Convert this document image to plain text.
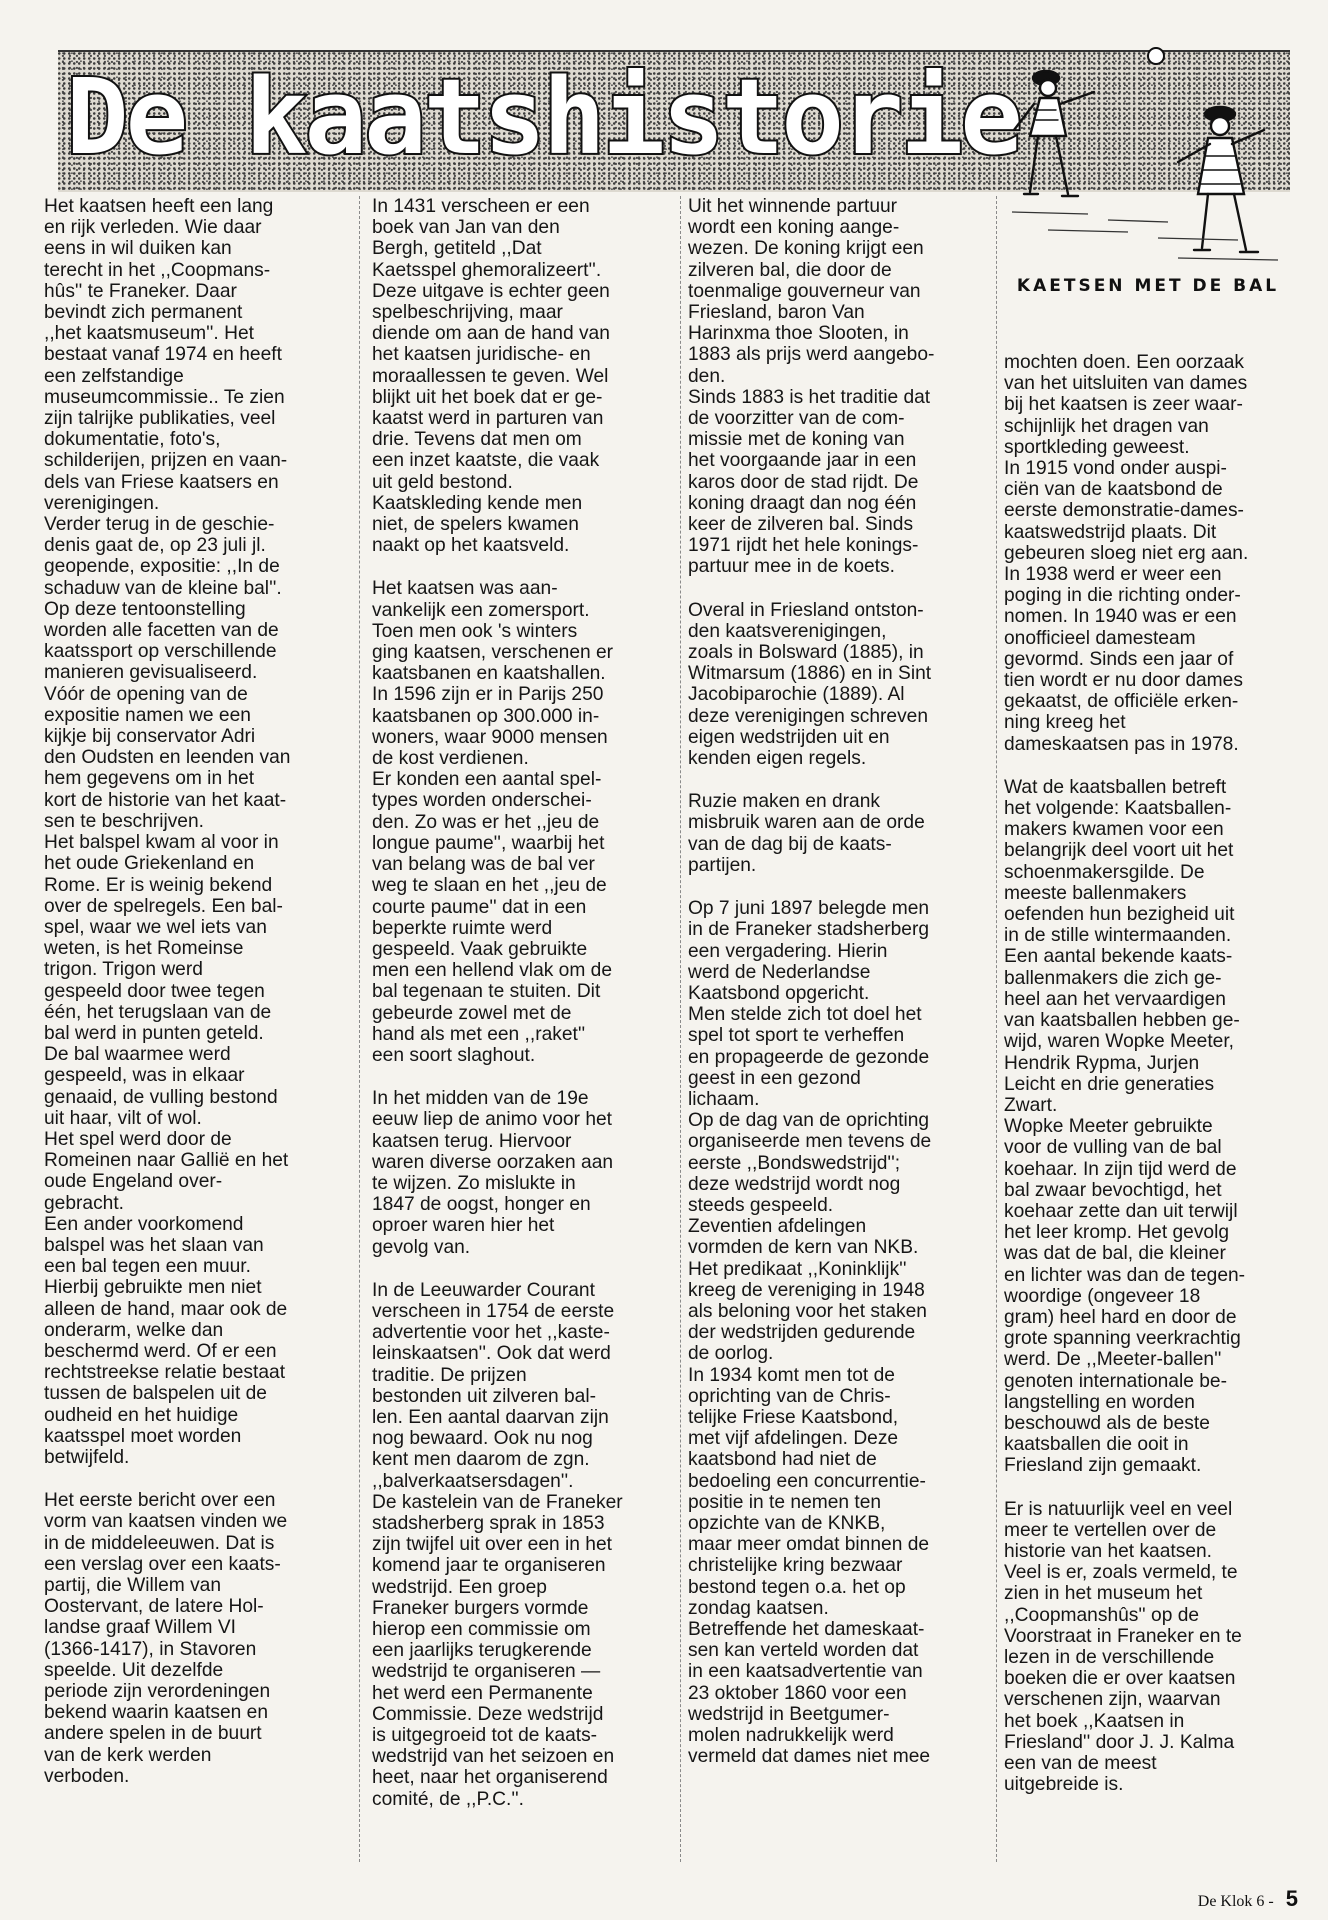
De kaatshistorie
KAETSEN MET DE BAL

Het kaatsen heeft een lang
en rijk verleden. Wie daar
eens in wil duiken kan
terecht in het ,,Coopmans-
hûs'' te Franeker. Daar
bevindt zich permanent
,,het kaatsmuseum''. Het
bestaat vanaf 1974 en heeft
een zelfstandige
museumcommissie.. Te zien
zijn talrijke publikaties, veel
dokumentatie, foto's,
schilderijen, prijzen en vaan-
dels van Friese kaatsers en
verenigingen.

Verder terug in de geschie-
denis gaat de, op 23 juli jl.
geopende, expositie: ,,In de
schaduw van de kleine bal''.
Op deze tentoonstelling
worden alle facetten van de
kaatssport op verschillende
manieren gevisualiseerd.
Vóór de opening van de
expositie namen we een
kijkje bij conservator Adri
den Oudsten en leenden van
hem gegevens om in het
kort de historie van het kaat-
sen te beschrijven.

Het balspel kwam al voor in
het oude Griekenland en
Rome. Er is weinig bekend
over de spelregels. Een bal-
spel, waar we wel iets van
weten, is het Romeinse
trigon. Trigon werd
gespeeld door twee tegen
één, het terugslaan van de
bal werd in punten geteld.
De bal waarmee werd
gespeeld, was in elkaar
genaaid, de vulling bestond
uit haar, vilt of wol.

Het spel werd door de
Romeinen naar Gallië en het
oude Engeland over-
gebracht.

Een ander voorkomend
balspel was het slaan van
een bal tegen een muur.
Hierbij gebruikte men niet
alleen de hand, maar ook de
onderarm, welke dan
beschermd werd. Of er een
rechtstreekse relatie bestaat
tussen de balspelen uit de
oudheid en het huidige
kaatsspel moet worden
betwijfeld.

Het eerste bericht over een
vorm van kaatsen vinden we
in de middeleeuwen. Dat is
een verslag over een kaats-
partij, die Willem van
Oostervant, de latere Hol-
landse graaf Willem VI
(1366-1417), in Stavoren
speelde. Uit dezelfde
periode zijn verordeningen
bekend waarin kaatsen en
andere spelen in de buurt
van de kerk werden
verboden.

In 1431 verscheen er een
boek van Jan van den
Bergh, getiteld ,,Dat
Kaetsspel ghemoralizeert''.
Deze uitgave is echter geen
spelbeschrijving, maar
diende om aan de hand van
het kaatsen juridische- en
moraallessen te geven. Wel
blijkt uit het boek dat er ge-
kaatst werd in parturen van
drie. Tevens dat men om
een inzet kaatste, die vaak
uit geld bestond.

Kaatskleding kende men
niet, de spelers kwamen
naakt op het kaatsveld.

Het kaatsen was aan-
vankelijk een zomersport.
Toen men ook 's winters
ging kaatsen, verschenen er
kaatsbanen en kaatshallen.
In 1596 zijn er in Parijs 250
kaatsbanen op 300.000 in-
woners, waar 9000 mensen
de kost verdienen.

Er konden een aantal spel-
types worden onderschei-
den. Zo was er het ,,jeu de
longue paume'', waarbij het
van belang was de bal ver
weg te slaan en het ,,jeu de
courte paume'' dat in een
beperkte ruimte werd
gespeeld. Vaak gebruikte
men een hellend vlak om de
bal tegenaan te stuiten. Dit
gebeurde zowel met de
hand als met een ,,raket''
een soort slaghout.

In het midden van de 19e
eeuw liep de animo voor het
kaatsen terug. Hiervoor
waren diverse oorzaken aan
te wijzen. Zo mislukte in
1847 de oogst, honger en
oproer waren hier het
gevolg van.

In de Leeuwarder Courant
verscheen in 1754 de eerste
advertentie voor het ,,kaste-
leinskaatsen''. Ook dat werd
traditie. De prijzen
bestonden uit zilveren bal-
len. Een aantal daarvan zijn
nog bewaard. Ook nu nog
kent men daarom de zgn.
,,balverkaatsersdagen''.

De kastelein van de Franeker
stadsherberg sprak in 1853
zijn twijfel uit over een in het
komend jaar te organiseren
wedstrijd. Een groep
Franeker burgers vormde
hierop een commissie om
een jaarlijks terugkerende
wedstrijd te organiseren —
het werd een Permanente
Commissie. Deze wedstrijd
is uitgegroeid tot de kaats-
wedstrijd van het seizoen en
heet, naar het organiserend
comité, de ,,P.C.''.

Uit het winnende partuur
wordt een koning aange-
wezen. De koning krijgt een
zilveren bal, die door de
toenmalige gouverneur van
Friesland, baron Van
Harinxma thoe Slooten, in
1883 als prijs werd aangebo-
den.

Sinds 1883 is het traditie dat
de voorzitter van de com-
missie met de koning van
het voorgaande jaar in een
karos door de stad rijdt. De
koning draagt dan nog één
keer de zilveren bal. Sinds
1971 rijdt het hele konings-
partuur mee in de koets.

Overal in Friesland ontston-
den kaatsverenigingen,
zoals in Bolsward (1885), in
Witmarsum (1886) en in Sint
Jacobiparochie (1889). Al
deze verenigingen schreven
eigen wedstrijden uit en
kenden eigen regels.

Ruzie maken en drank
misbruik waren aan de orde
van de dag bij de kaats-
partijen.

Op 7 juni 1897 belegde men
in de Franeker stadsherberg
een vergadering. Hierin
werd de Nederlandse
Kaatsbond opgericht.
Men stelde zich tot doel het
spel tot sport te verheffen
en propageerde de gezonde
geest in een gezond
lichaam.

Op de dag van de oprichting
organiseerde men tevens de
eerste ,,Bondswedstrijd'';
deze wedstrijd wordt nog
steeds gespeeld.

Zeventien afdelingen
vormden de kern van NKB.
Het predikaat ,,Koninklijk''
kreeg de vereniging in 1948
als beloning voor het staken
der wedstrijden gedurende
de oorlog.

In 1934 komt men tot de
oprichting van de Chris-
telijke Friese Kaatsbond,
met vijf afdelingen. Deze
kaatsbond had niet de
bedoeling een concurrentie-
positie in te nemen ten
opzichte van de KNKB,
maar meer omdat binnen de
christelijke kring bezwaar
bestond tegen o.a. het op
zondag kaatsen.

Betreffende het dameskaat-
sen kan verteld worden dat
in een kaatsadvertentie van
23 oktober 1860 voor een
wedstrijd in Beetgumer-
molen nadrukkelijk werd
vermeld dat dames niet mee

mochten doen. Een oorzaak
van het uitsluiten van dames
bij het kaatsen is zeer waar-
schijnlijk het dragen van
sportkleding geweest.

In 1915 vond onder auspi-
ciën van de kaatsbond de
eerste demonstratie-dames-
kaatswedstrijd plaats. Dit
gebeuren sloeg niet erg aan.
In 1938 werd er weer een
poging in die richting onder-
nomen. In 1940 was er een
onofficieel damesteam
gevormd. Sinds een jaar of
tien wordt er nu door dames
gekaatst, de officiële erken-
ning kreeg het
dameskaatsen pas in 1978.

Wat de kaatsballen betreft
het volgende: Kaatsballen-
makers kwamen voor een
belangrijk deel voort uit het
schoenmakersgilde. De
meeste ballenmakers
oefenden hun bezigheid uit
in de stille wintermaanden.
Een aantal bekende kaats-
ballenmakers die zich ge-
heel aan het vervaardigen
van kaatsballen hebben ge-
wijd, waren Wopke Meeter,
Hendrik Rypma, Jurjen
Leicht en drie generaties
Zwart.

Wopke Meeter gebruikte
voor de vulling van de bal
koehaar. In zijn tijd werd de
bal zwaar bevochtigd, het
koehaar zette dan uit terwijl
het leer kromp. Het gevolg
was dat de bal, die kleiner
en lichter was dan de tegen-
woordige (ongeveer 18
gram) heel hard en door de
grote spanning veerkrachtig
werd. De ,,Meeter-ballen''
genoten internationale be-
langstelling en worden
beschouwd als de beste
kaatsballen die ooit in
Friesland zijn gemaakt.

Er is natuurlijk veel en veel
meer te vertellen over de
historie van het kaatsen.
Veel is er, zoals vermeld, te
zien in het museum het
,,Coopmanshûs'' op de
Voorstraat in Franeker en te
lezen in de verschillende
boeken die er over kaatsen
verschenen zijn, waarvan
het boek ,,Kaatsen in
Friesland'' door J. J. Kalma
een van de meest
uitgebreide is.

De Klok 6 - 5
